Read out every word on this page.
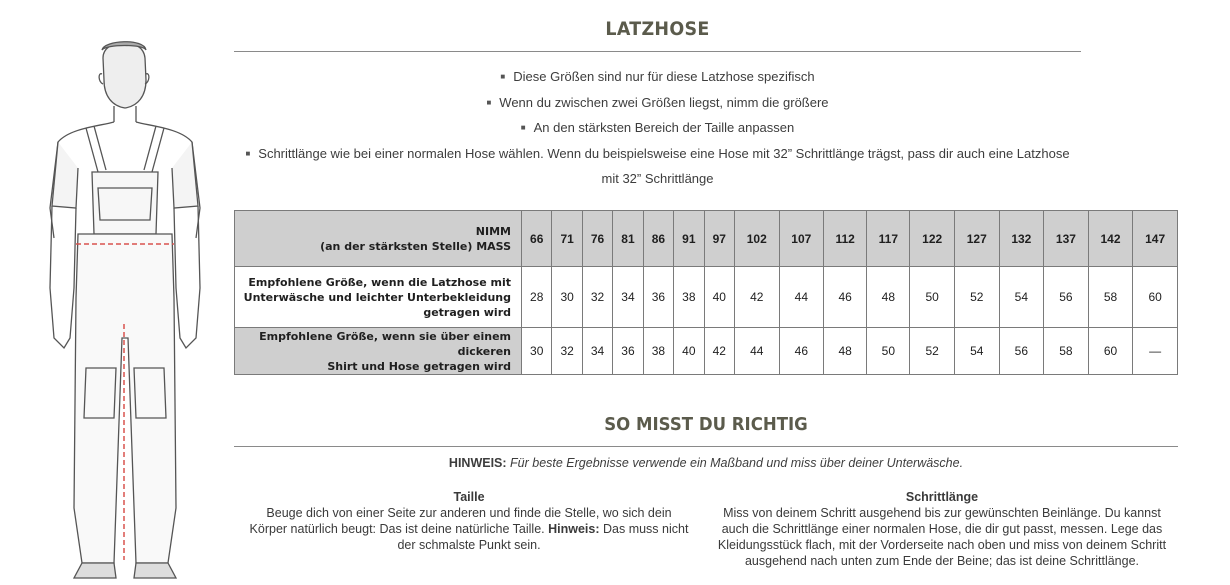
LATZHOSE
■ Diese Größen sind nur für diese Latzhose spezifisch
■ Wenn du zwischen zwei Größen liegst, nimm die größere
■ An den stärksten Bereich der Taille anpassen
■ Schrittlänge wie bei einer normalen Hose wählen. Wenn du beispielsweise eine Hose mit 32” Schrittlänge trägst, pass dir auch eine Latzhose
mit 32” Schrittlänge
NIMM
(an der stärksten Stelle) MASS	66	71	76	81	86	91	97	102	107	112	117	122	127	132	137	142	147
Empfohlene Größe, wenn die Latzhose mit
Unterwäsche und leichter Unterbekleidung
getragen wird	28	30	32	34	36	38	40	42	44	46	48	50	52	54	56	58	60
Empfohlene Größe, wenn sie über einem dickeren
Shirt und Hose getragen wird	30	32	34	36	38	40	42	44	46	48	50	52	54	56	58	60	—
SO MISST DU RICHTIG
HINWEIS: Für beste Ergebnisse verwende ein Maßband und miss über deiner Unterwäsche.
Taille
Beuge dich von einer Seite zur anderen und finde die Stelle, wo sich dein Körper natürlich beugt: Das ist deine natürliche Taille. Hinweis: Das muss nicht der schmalste Punkt sein.
Schrittlänge
Miss von deinem Schritt ausgehend bis zur gewünschten Beinlänge. Du kannst auch die Schrittlänge einer normalen Hose, die dir gut passt, messen. Lege das Kleidungsstück flach, mit der Vorderseite nach oben und miss von deinem Schritt ausgehend nach unten zum Ende der Beine; das ist deine Schrittlänge.
